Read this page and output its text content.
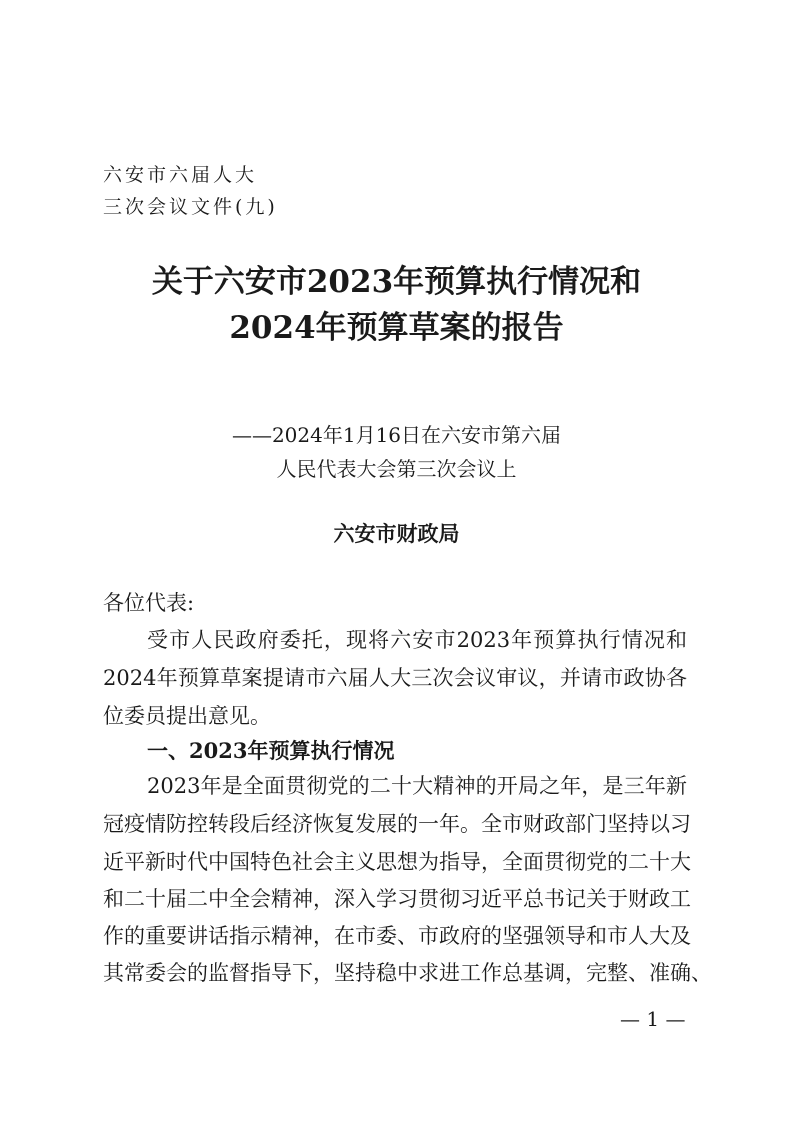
六安市六届人大
三次会议文件(九)
关于六安市2023年预算执行情况和
2024年预算草案的报告
——2024年1月16日在六安市第六届
人民代表大会第三次会议上
六安市财政局
各位代表:
受市人民政府委托，现将六安市2023年预算执行情况和
2024年预算草案提请市六届人大三次会议审议，并请市政协各
位委员提出意见。
一、2023年预算执行情况
2023年是全面贯彻党的二十大精神的开局之年，是三年新
冠疫情防控转段后经济恢复发展的一年。全市财政部门坚持以习
近平新时代中国特色社会主义思想为指导，全面贯彻党的二十大
和二十届二中全会精神，深入学习贯彻习近平总书记关于财政工
作的重要讲话指示精神，在市委、市政府的坚强领导和市人大及
其常委会的监督指导下，坚持稳中求进工作总基调，完整、准确、
— 1 —
